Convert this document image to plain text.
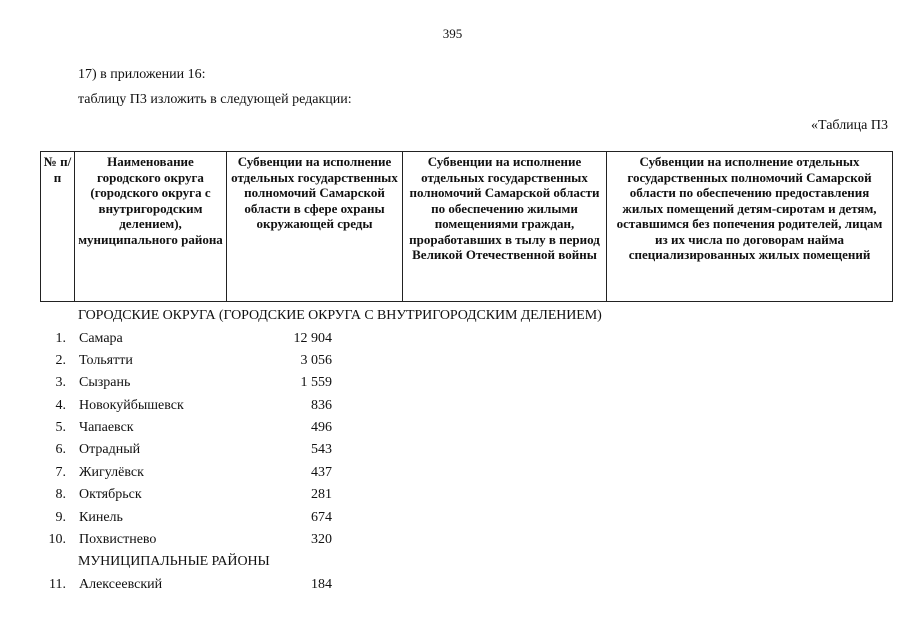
395
17) в приложении 16:
таблицу П3 изложить в следующей редакции:
«Таблица П3
№ п/п	Наименование городского округа (городского округа с внутригородским делением), муниципального района	Субвенции на исполнение отдельных государственных полномочий Самарской области в сфере охраны окружающей среды	Субвенции на исполнение отдельных государственных полномочий Самарской области по обеспечению жилыми помещениями граждан, проработавших в тылу в период Великой Отечественной войны	Субвенции на исполнение отдельных государственных полномочий Самарской области по обеспечению предоставления жилых помещений детям-сиротам и детям, оставшимся без попечения родителей, лицам из их числа по договорам найма специализированных жилых помещений
ГОРОДСКИЕ ОКРУГА (ГОРОДСКИЕ ОКРУГА С ВНУТРИГОРОДСКИМ ДЕЛЕНИЕМ)
1. Самара	12 904
2. Тольятти	3 056
3. Сызрань	1 559
4. Новокуйбышевск	836
5. Чапаевск	496
6. Отрадный	543
7. Жигулёвск	437
8. Октябрьск	281
9. Кинель	674
10. Похвистнево	320
МУНИЦИПАЛЬНЫЕ РАЙОНЫ
11. Алексеевский	184
